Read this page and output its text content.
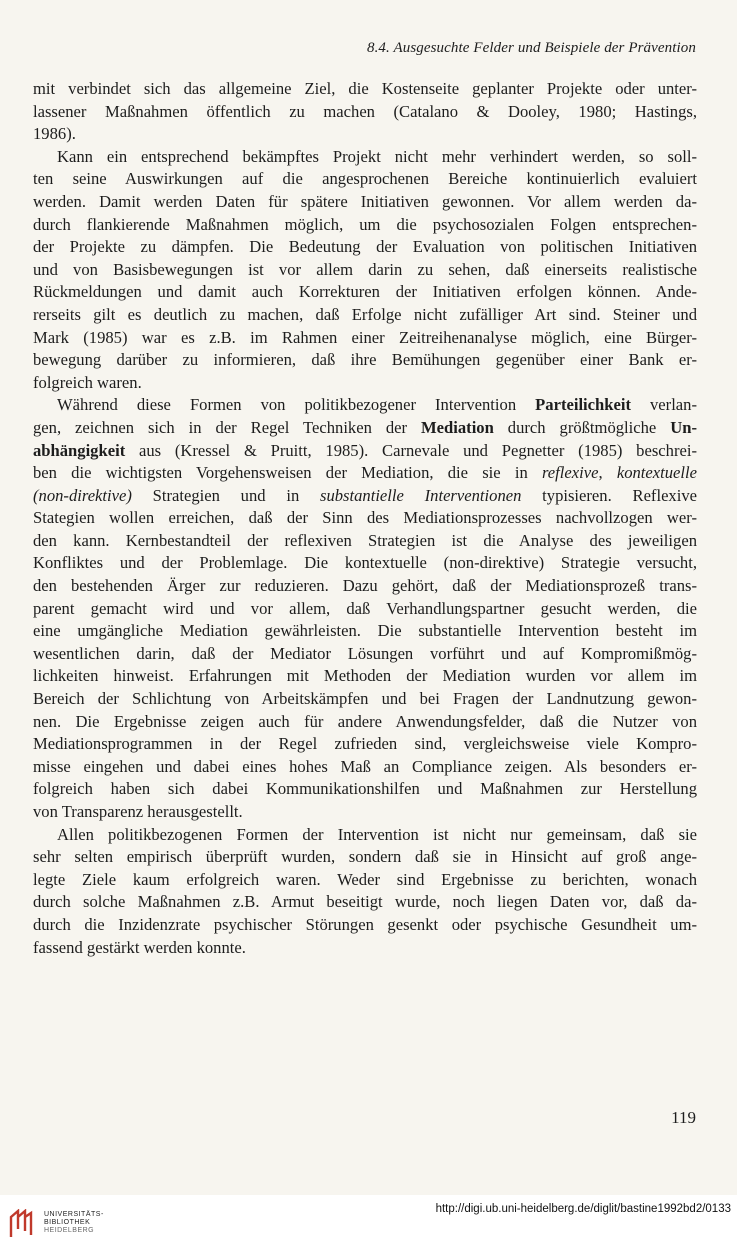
8.4. Ausgesuchte Felder und Beispiele der Prävention

mit verbindet sich das allgemeine Ziel, die Kostenseite geplanter Projekte oder unter-
lassener Maßnahmen öffentlich zu machen (Catalano & Dooley, 1980; Hastings,
1986).

Kann ein entsprechend bekämpftes Projekt nicht mehr verhindert werden, so soll-
ten seine Auswirkungen auf die angesprochenen Bereiche kontinuierlich evaluiert
werden. Damit werden Daten für spätere Initiativen gewonnen. Vor allem werden da-
durch flankierende Maßnahmen möglich, um die psychosozialen Folgen entsprechen-
der Projekte zu dämpfen. Die Bedeutung der Evaluation von politischen Initiativen
und von Basisbewegungen ist vor allem darin zu sehen, daß einerseits realistische
Rückmeldungen und damit auch Korrekturen der Initiativen erfolgen können. Ande-
rerseits gilt es deutlich zu machen, daß Erfolge nicht zufälliger Art sind. Steiner und
Mark (1985) war es z.B. im Rahmen einer Zeitreihenanalyse möglich, eine Bürger-
bewegung darüber zu informieren, daß ihre Bemühungen gegenüber einer Bank er-
folgreich waren.

Während diese Formen von politikbezogener Intervention Parteilichkeit verlan-
gen, zeichnen sich in der Regel Techniken der Mediation durch größtmögliche Un-
abhängigkeit aus (Kressel & Pruitt, 1985). Carnevale und Pegnetter (1985) beschrei-
ben die wichtigsten Vorgehensweisen der Mediation, die sie in reflexive, kontextuelle
(non-direktive) Strategien und in substantielle Interventionen typisieren. Reflexive
Stategien wollen erreichen, daß der Sinn des Mediationsprozesses nachvollzogen wer-
den kann. Kernbestandteil der reflexiven Strategien ist die Analyse des jeweiligen
Konfliktes und der Problemlage. Die kontextuelle (non-direktive) Strategie versucht,
den bestehenden Ärger zur reduzieren. Dazu gehört, daß der Mediationsprozeß trans-
parent gemacht wird und vor allem, daß Verhandlungspartner gesucht werden, die
eine umgängliche Mediation gewährleisten. Die substantielle Intervention besteht im
wesentlichen darin, daß der Mediator Lösungen vorführt und auf Kompromißmög-
lichkeiten hinweist. Erfahrungen mit Methoden der Mediation wurden vor allem im
Bereich der Schlichtung von Arbeitskämpfen und bei Fragen der Landnutzung gewon-
nen. Die Ergebnisse zeigen auch für andere Anwendungsfelder, daß die Nutzer von
Mediationsprogrammen in der Regel zufrieden sind, vergleichsweise viele Kompro-
misse eingehen und dabei eines hohes Maß an Compliance zeigen. Als besonders er-
folgreich haben sich dabei Kommunikationshilfen und Maßnahmen zur Herstellung
von Transparenz herausgestellt.

Allen politikbezogenen Formen der Intervention ist nicht nur gemeinsam, daß sie
sehr selten empirisch überprüft wurden, sondern daß sie in Hinsicht auf groß ange-
legte Ziele kaum erfolgreich waren. Weder sind Ergebnisse zu berichten, wonach
durch solche Maßnahmen z.B. Armut beseitigt wurde, noch liegen Daten vor, daß da-
durch die Inzidenzrate psychischer Störungen gesenkt oder psychische Gesundheit um-
fassend gestärkt werden konnte.

119
UNIVERSITÄTS-
BIBLIOTHEK
HEIDELBERG
http://digi.ub.uni-heidelberg.de/diglit/bastine1992bd2/0133
